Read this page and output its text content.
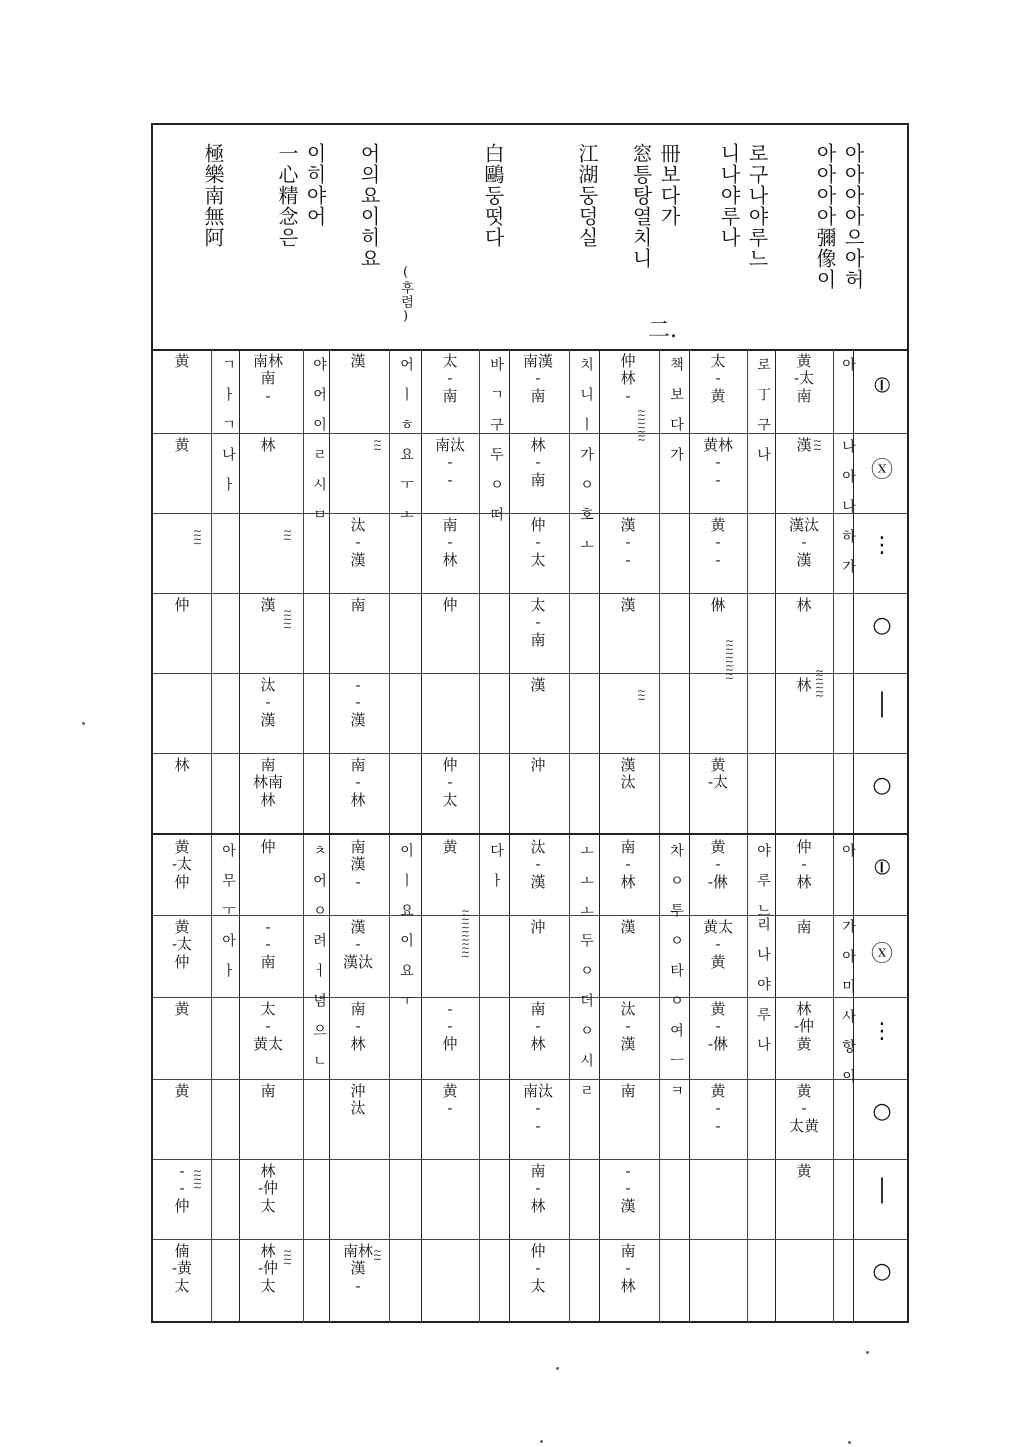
아아아아으아허
아아아아彌像이
로구나야루느
니나야루나
冊보다가
窓틍탕열치니
江湖둥덩실
白鷗둥떳다
二.
(후렴)
어의요이히요
이히야어
一心精念은
極樂南無阿
⦶
ⓧ
⋮
○
│
○
⦶
ⓧ
⋮
○
│
○
아
아
나 아 나 하 가
가 아 미 사 항 이
로 丁 구 나
야 루 느리 나 야 루 나
책 보 다 가
차 ㅇ 투 ㅇ 타 ㅇ 여 ㅡ ㅋ
치 니 ㅣ 가 ㅇ 호 ㅗ
ㅗ ㅗ ㅗ 두 ㅇ 더 ㅇ 시 ㄹ
바 ㄱ 구 두 ㅇ 떠
다 ㅏ
어 ㅣ ㅎ 요 ㅜ ㅗ
이 ㅣ 요 이 요 ㅜ
야 어 이 ㄹ 시 ㅁ
ㅊ 어 ㅇ 려 ㅓ 념 으 ㄴ
ㄱ ㅏ ㄱ 나 ㅏ
아 무 ㅜ 아 ㅏ
黄
-太
南
漢
漢汰
-
漢
林
林
仲
-
林
南
林
-仲
黄
黄
-
太黄
黄
太
-
黄
黄林
-
-
黄
-
-
㑣
黄
-太
黄
-
-㑣
黄太
-
黄
黄
-
-㑣
黄
-
-
仲
林
-
漢
-
-
漢
漢
汰
南
-
林
漢
汰
-
漢
南
-
-
漢
南
-
林
南漢
-
南
林
-
南
仲
-
太
太
-
南
漢
沖
汰
-
漢
沖
南
-
林
南汰
-
-
南
-
林
仲
-
太
太
-
南
南汰
-
-
南
-
林
仲
仲
-
太
黄
-
-
仲
黄
-
漢
汰
-
漢
南
-
-
漢
南
-
林
南
漢
-
漢
-
漢汰
南
-
林
沖
汰
南林
漢
-
南林
南
-
林
漢
汰
-
漢
南
林南
林
仲
-
-
南
太
-
黄太
南
林
-仲
太
林
-仲
太
黄
黄
仲
林
黄
-太
仲
黄
-太
仲
黄
黄
-
-
仲
㑲
-黄
太
≀≀≀
≀≀≀≀≀≀≀
≀≀≀≀≀≀≀≀≀≀
≀≀≀≀≀≀≀≀
≀≀≀
≀≀≀≀≀≀≀≀≀≀≀≀
≀≀≀
≀≀≀
≀≀≀≀≀
≀≀≀≀
≀≀≀≀≀
≀≀≀
≀≀≀≀
